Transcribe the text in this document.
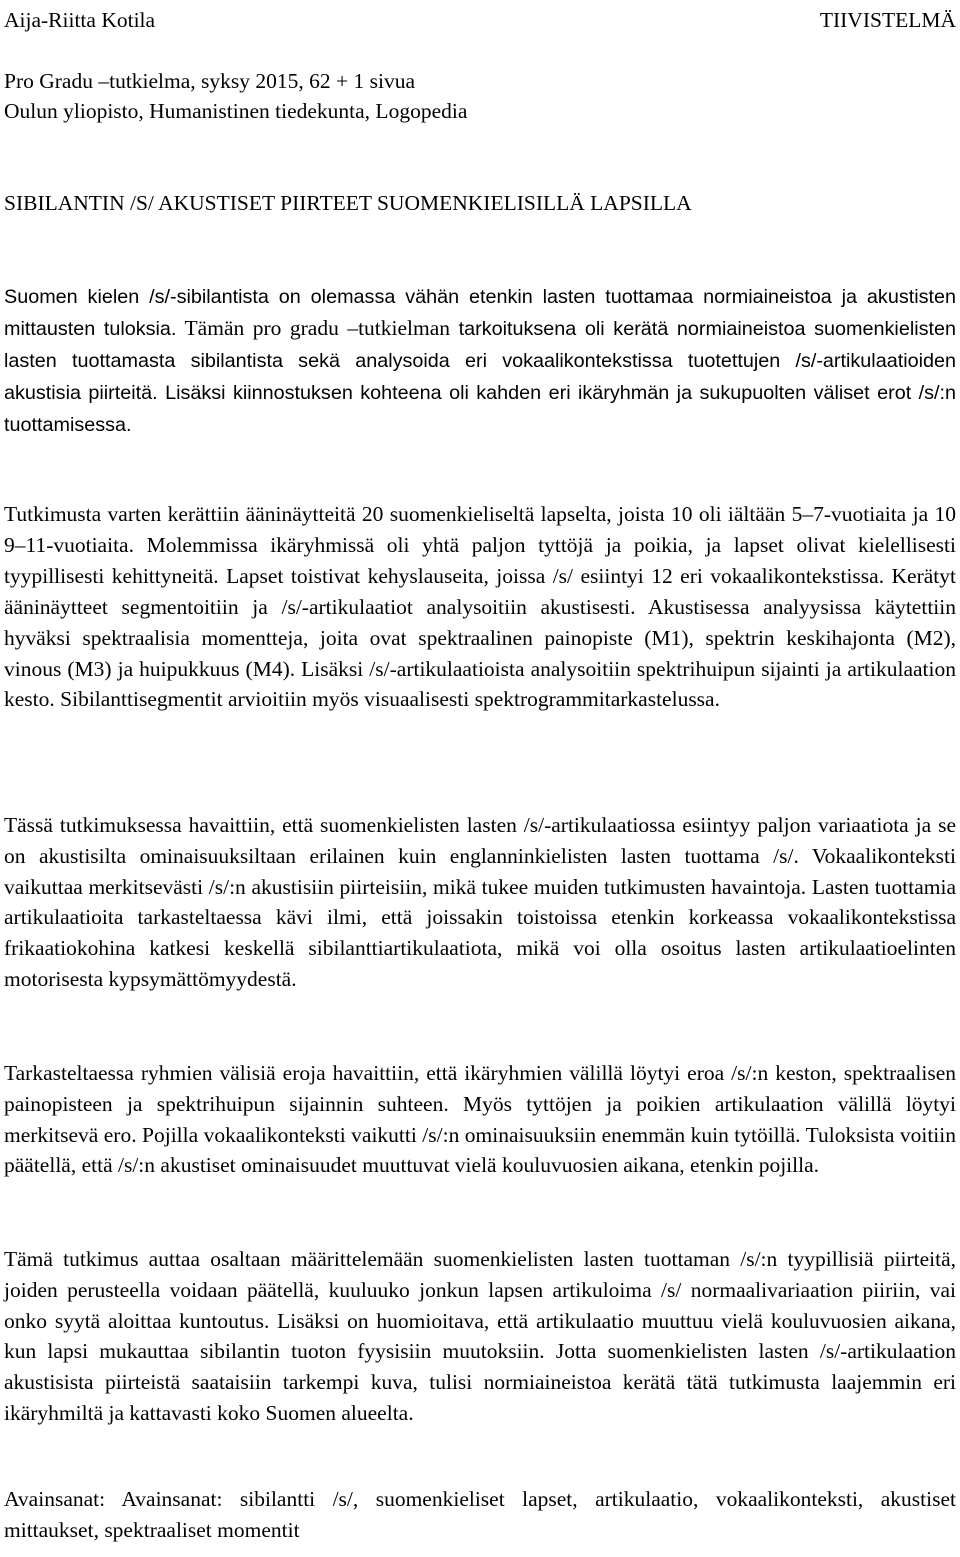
Aija-Riitta Kotila	TIIVISTELMÄ
Pro Gradu –tutkielma, syksy 2015, 62 + 1 sivua
Oulun yliopisto, Humanistinen tiedekunta, Logopedia
SIBILANTIN /S/ AKUSTISET PIIRTEET SUOMENKIELISILLÄ LAPSILLA

Suomen kielen /s/-sibilantista on olemassa vähän etenkin lasten tuottamaa normiaineistoa ja akustisten mittausten tuloksia. Tämän pro gradu –tutkielman tarkoituksena oli kerätä normiaineistoa suomenkielisten lasten tuottamasta sibilantista sekä analysoida eri vokaalikontekstissa tuotettujen /s/-artikulaatioiden akustisia piirteitä. Lisäksi kiinnostuksen kohteena oli kahden eri ikäryhmän ja sukupuolten väliset erot /s/:n tuottamisessa.

Tutkimusta varten kerättiin ääninäytteitä 20 suomenkieliseltä lapselta, joista 10 oli iältään 5–7-vuotiaita ja 10 9–11-vuotiaita. Molemmissa ikäryhmissä oli yhtä paljon tyttöjä ja poikia, ja lapset olivat kielellisesti tyypillisesti kehittyneitä. Lapset toistivat kehyslauseita, joissa /s/ esiintyi 12 eri vokaalikontekstissa. Kerätyt ääninäytteet segmentoitiin ja /s/-artikulaatiot analysoitiin akustisesti. Akustisessa analyysissa käytettiin hyväksi spektraalisia momentteja, joita ovat spektraalinen painopiste (M1), spektrin keskihajonta (M2), vinous (M3) ja huipukkuus (M4). Lisäksi /s/-artikulaatioista analysoitiin spektrihuipun sijainti ja artikulaation kesto. Sibilanttisegmentit arvioitiin myös visuaalisesti spektrogrammitarkastelussa.

Tässä tutkimuksessa havaittiin, että suomenkielisten lasten /s/-artikulaatiossa esiintyy paljon variaatiota ja se on akustisilta ominaisuuksiltaan erilainen kuin englanninkielisten lasten tuottama /s/. Vokaalikonteksti vaikuttaa merkitsevästi /s/:n akustisiin piirteisiin, mikä tukee muiden tutkimusten havaintoja. Lasten tuottamia artikulaatioita tarkasteltaessa kävi ilmi, että joissakin toistoissa etenkin korkeassa vokaalikontekstissa frikaatiokohina katkesi keskellä sibilanttiartikulaatiota, mikä voi olla osoitus lasten artikulaatioelinten motorisesta kypsymättömyydestä.

Tarkasteltaessa ryhmien välisiä eroja havaittiin, että ikäryhmien välillä löytyi eroa /s/:n keston, spektraalisen painopisteen ja spektrihuipun sijainnin suhteen. Myös tyttöjen ja poikien artikulaation välillä löytyi merkitsevä ero. Pojilla vokaalikonteksti vaikutti /s/:n ominaisuuksiin enemmän kuin tytöillä. Tuloksista voitiin päätellä, että /s/:n akustiset ominaisuudet muuttuvat vielä kouluvuosien aikana, etenkin pojilla.

Tämä tutkimus auttaa osaltaan määrittelemään suomenkielisten lasten tuottaman /s/:n tyypillisiä piirteitä, joiden perusteella voidaan päätellä, kuuluuko jonkun lapsen artikuloima /s/ normaalivariaation piiriin, vai onko syytä aloittaa kuntoutus. Lisäksi on huomioitava, että artikulaatio muuttuu vielä kouluvuosien aikana, kun lapsi mukauttaa sibilantin tuoton fyysisiin muutoksiin. Jotta suomenkielisten lasten /s/-artikulaation akustisista piirteistä saataisiin tarkempi kuva, tulisi normiaineistoa kerätä tätä tutkimusta laajemmin eri ikäryhmiltä ja kattavasti koko Suomen alueelta.

Avainsanat: Avainsanat: sibilantti /s/, suomenkieliset lapset, artikulaatio, vokaalikonteksti, akustiset mittaukset, spektraaliset momentit
